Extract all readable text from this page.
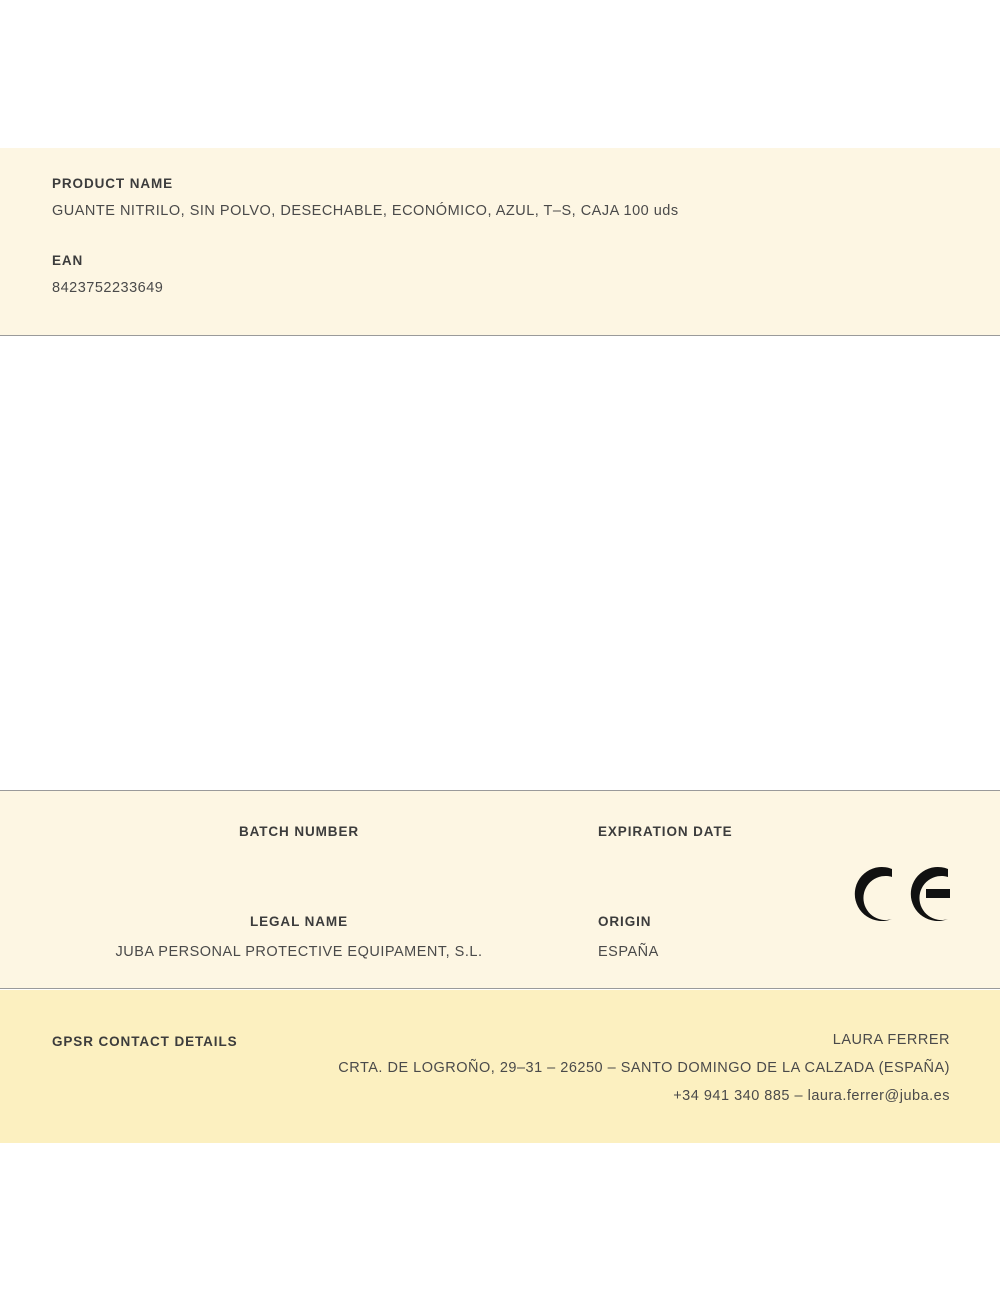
PRODUCT NAME

GUANTE NITRILO, SIN POLVO, DESECHABLE, ECONÓMICO, AZUL, T–S, CAJA 100 uds

EAN

8423752233649

BATCH NUMBER	EXPIRATION DATE
LEGAL NAME
JUBA PERSONAL PROTECTIVE EQUIPAMENT, S.L.
ORIGIN
ESPAÑA
GPSR CONTACT DETAILS	LAURA FERRER
CRTA. DE LOGROÑO, 29–31 – 26250 – SANTO DOMINGO DE LA CALZADA (ESPAÑA)
+34 941 340 885 – laura.ferrer@juba.es
